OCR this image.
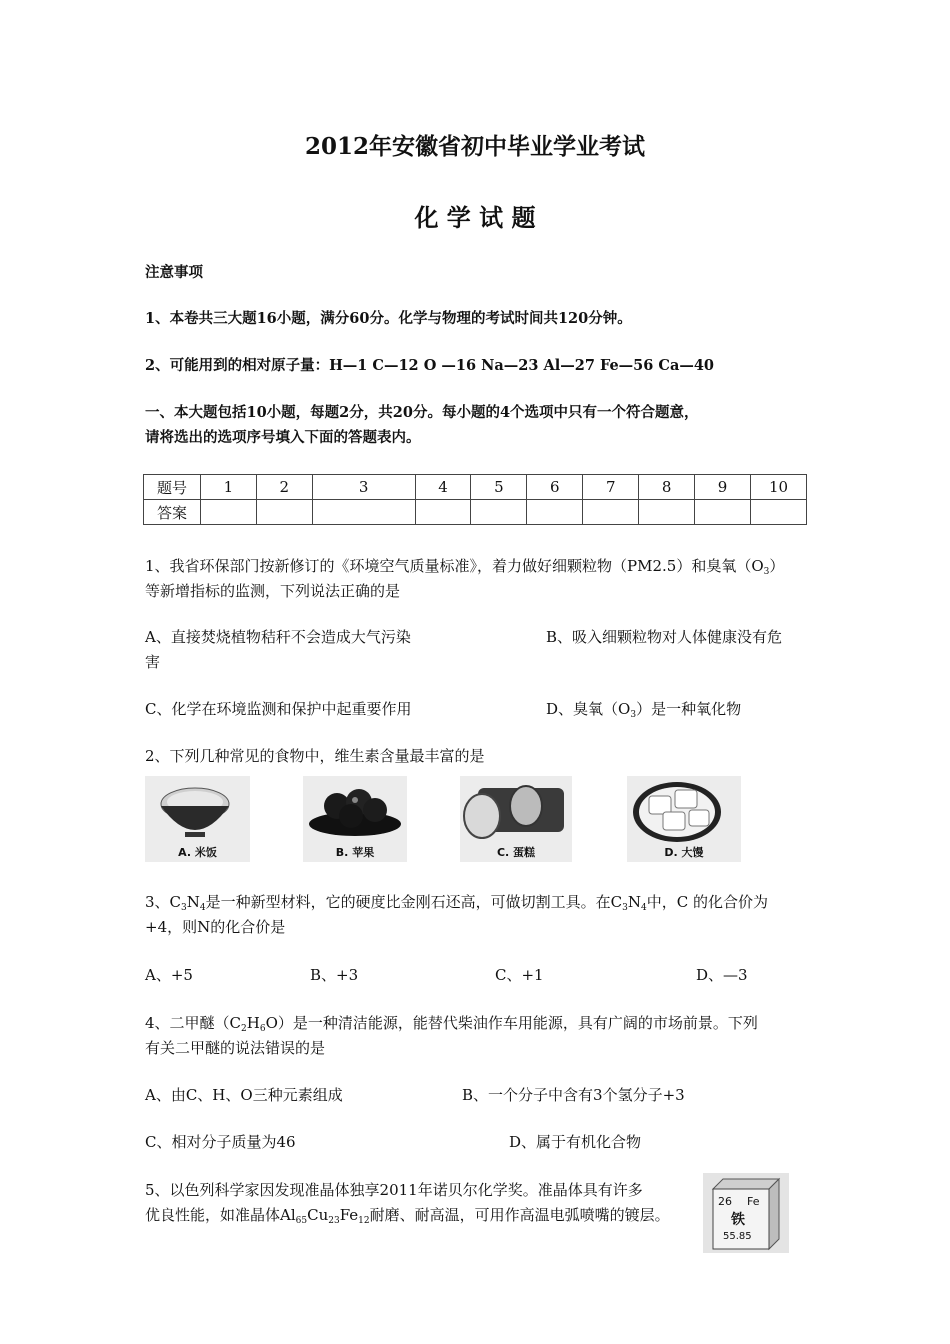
2012年安徽省初中毕业学业考试
化 学 试 题
注意事项
1、本卷共三大题16小题，满分60分。化学与物理的考试时间共120分钟。
2、可能用到的相对原子量：H—1 C—12 O —16 Na—23 Al—27 Fe—56 Ca—40
一、本大题包括10小题，每题2分，共20分。每小题的4个选项中只有一个符合题意，
请将选出的选项序号填入下面的答题表内。
题号	1	2	3	4	5	6	7	8	9	10
答案										
1、我省环保部门按新修订的《环境空气质量标准》，着力做好细颗粒物（PM2.5）和臭氧$(O_3)$
等新增指标的监测，下列说法正确的是
A、直接焚烧植物秸秆不会造成大气污染	B、吸入细颗粒物对人体健康没有危
害
C、化学在环境监测和保护中起重要作用	D、臭氧$(O_3)$是一种氧化物
2、下列几种常见的食物中，维生素含量最丰富的是
A. 米饭	B. 苹果	C. 蛋糕	D. 大馒
3、$C_3N_4$是一种新型材料，它的硬度比金刚石还高，可做切割工具。在$C_3N_4$中，C 的化合价为
+4，则N的化合价是
A、+5	B、+3	C、+1	D、—3
4、二甲醚$(C_2H_6O)$是一种清洁能源，能替代柴油作车用能源，具有广阔的市场前景。下列
有关二甲醚的说法错误的是
A、由C、H、O三种元素组成	B、一个分子中含有3个氢分子+3
C、相对分子质量为46	D、属于有机化合物
5、以色列科学家因发现准晶体独享2011年诺贝尔化学奖。准晶体具有许多
优良性能，如准晶体$Al_{65}Cu_{23}Fe_{12}$耐磨、耐高温，可用作高温电弧喷嘴的镀层。
26 Fe
铁
55.85
